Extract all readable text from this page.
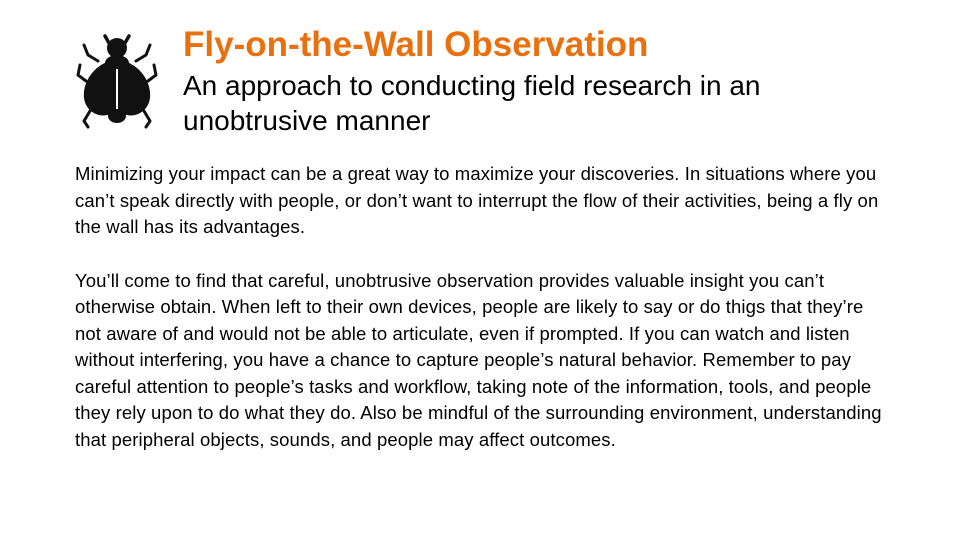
Fly-on-the-Wall Observation
An approach to conducting field research in an unobtrusive manner

Minimizing your impact can be a great way to maximize your discoveries. In situations where you can’t speak directly with people, or don’t want to interrupt the flow of their activities, being a fly on the wall has its advantages.

You’ll come to find that careful, unobtrusive observation provides valuable insight you can’t otherwise obtain. When left to their own devices, people are likely to say or do thigs that they’re not aware of and would not be able to articulate, even if prompted. If you can watch and listen without interfering, you have a chance to capture people’s natural behavior. Remember to pay careful attention to people’s tasks and workflow, taking note of the information, tools, and people they rely upon to do what they do. Also be mindful of the surrounding environment, understanding that peripheral objects, sounds, and people may affect outcomes.
